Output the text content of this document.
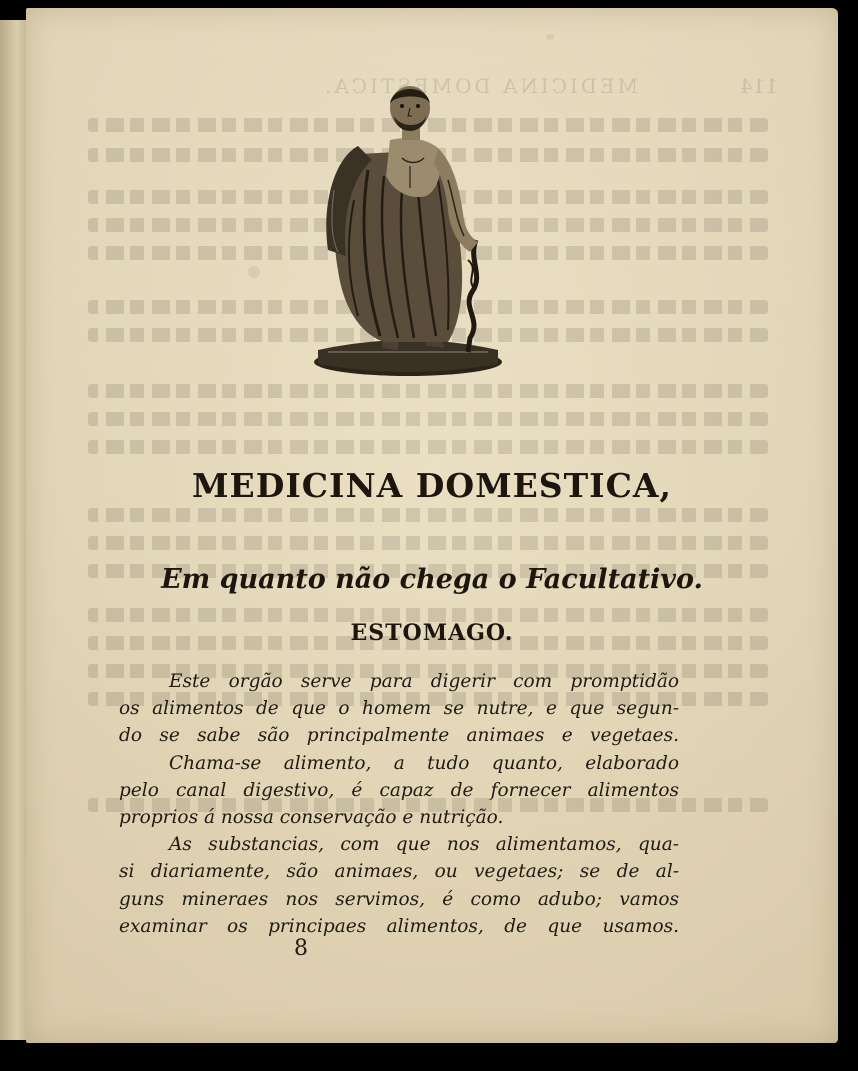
MEDICINA DOMESTICA.	114
MEDICINA DOMESTICA,
Em quanto não chega o Facultativo.
ESTOMAGO.
Este orgão serve para digerir com promptidão
os alimentos de que o homem se nutre, e que segun-
do se sabe são principalmente animaes e vegetaes.
Chama-se alimento, a tudo quanto, elaborado
pelo canal digestivo, é capaz de fornecer alimentos
proprios á nossa conservação e nutrição.
As substancias, com que nos alimentamos, qua-
si diariamente, são animaes, ou vegetaes; se de al-
guns mineraes nos servimos, é como adubo; vamos
examinar os principaes alimentos, de que usamos.
8
